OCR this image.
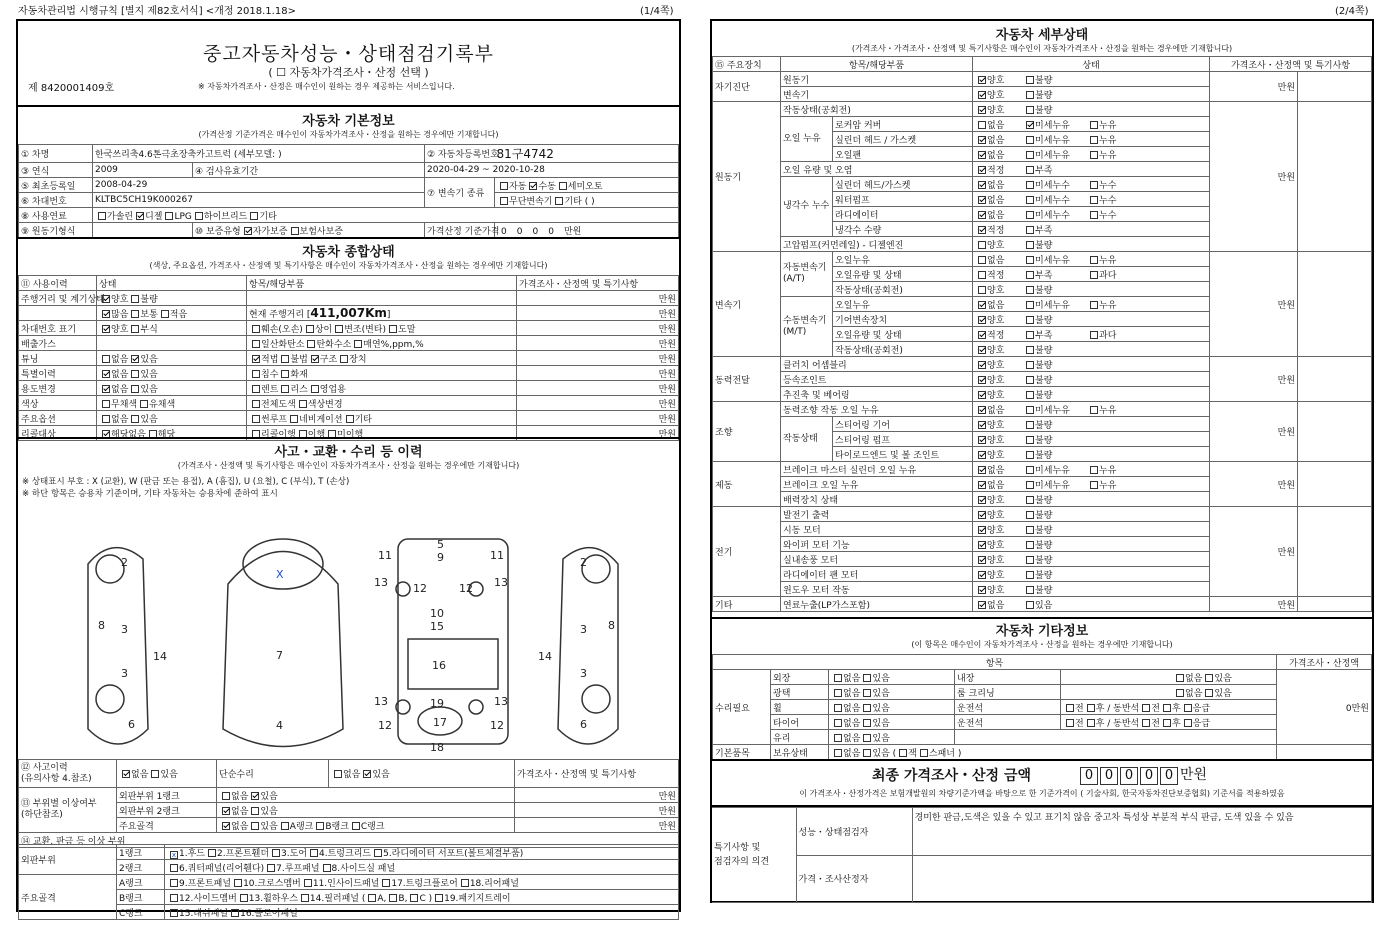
자동차관리법 시행규칙 [별지 제82호서식] <개정 2018.1.18>	(1/4쪽)	(2/4쪽)
중고자동차성능・상태점검기록부
( ☐ 자동차가격조사・산정 선택 )
제 8420001409호	※ 자동차가격조사・산정은 매수인이 원하는 경우 제공하는 서비스입니다.
자동차 기본정보
(가격산정 기준가격은 매수인이 자동차가격조사・산정을 원하는 경우에만 기재합니다)
① 차명	한국쓰리축4.6톤극초장축카고트럭 (세부모델: )		② 자동차등록번호	81구4742
③ 연식	2009	④ 검사유효기간	2020-04-29 ~ 2020-10-28	
⑤ 최초등록일	2008-04-29		⑦ 변속기 종류	자동 수동 세미오토
⑥ 차대번호	KLTBC5CH19K000267			무단변속기 기타 ( )
⑧ 사용연료	가솔린 디젤 LPG 하이브리드 기타			
⑨ 원동기형식		⑩ 보증유형 자가보증 보험사보증	가격산정 기준가격	0000만원
자동차 종합상태
(색상, 주요옵션, 가격조사・산정액 및 특기사항은 매수인이 자동차가격조사・산정을 원하는 경우에만 기재합니다)
⑪ 사용이력	상태	항목/해당부품	가격조사・산정액 및 특기사항
주행거리 및 계기상태	양호 불량		만원
	많음 보통 적음	현재 주행거리 [411,007Km]	만원
차대번호 표기	양호 부식	훼손(오손) 상이 변조(변타) 도말	만원
배출가스		일산화탄소 탄화수소 매연%,ppm,%	만원
튜닝	없음 있음	적법 불법 구조 장치	만원
특별이력	없음 있음	침수 화재	만원
용도변경	없음 있음	렌트 리스 영업용	만원
색상	무채색 유채색	전체도색 색상변경	만원
주요옵션	없음 있음	썬루프 네비게이션 기타	만원
리콜대상	해당없음 해당	리콜이행 이행 미이행	만원
사고・교환・수리 등 이력
(가격조사・산정액 및 특기사항은 매수인이 자동차가격조사・산정을 원하는 경우에만 기재합니다)
※ 상태표시 부호 : X (교환), W (판금 또는 용접), A (흠집), U (요철), C (부식), T (손상)
※ 하단 항목은 승용차 기준이며, 기타 자동차는 승용차에 준하여 표시
2
3
3
8
14
6
X
7
4
5
9
11	11
13	13
12	12
10
15
16
13	13
19
12	12
17
18
2
3
3
8
14
6
⑫ 사고이력
(유의사항 4.참조)	없음 있음	단순수리	없음 있음	가격조사・산정액 및 특기사항
⑬ 부위별 이상여부
(하단참조)	외판부위 1랭크	없음 있음		만원
	외판부위 2랭크	없음 있음		만원
	주요골격	없음 있음 A랭크 B랭크 C랭크		만원
⑭ 교환, 판금 등 이상 부위				
외판부위	1랭크	x 1.후드 2.프론트휀더 3.도어 4.트렁크리드 5.라디에이터 서포트(볼트체결부품)
	2랭크	6.쿼터패널(리어휀다) 7.루프패널 8.사이드실 패널
주요골격	A랭크	9.프론트패널 10.크로스멤버 11.인사이드패널 17.트렁크플로어 18.리어패널
	B랭크	12.사이드멤버 13.휠하우스 14.필러패널 ( A, B, C ) 19.패키지트레이
	C랭크	15.대쉬패널 16.플로어패널
자동차 세부상태
(가격조사・가격조사・산정액 및 특기사항은 매수인이 자동차가격조사・산정을 원하는 경우에만 기재합니다)
⑮ 주요장치	항목/해당부품		상태	가격조사・산정액 및 특기사항	
자기진단	원동기		양호 불량	만원	
	변속기		양호 불량		
원동기	작동상태(공회전)		양호 불량	만원	
	오일 누유	로커암 커버	없음 미세누유 누유		
		실린더 헤드 / 가스켓	없음 미세누유 누유		
		오일팬	없음 미세누유 누유		
	오일 유량 및 오염		적정 부족		
	냉각수 누수	실린더 헤드/가스켓	없음 미세누수 누수		
		워터펌프	없음 미세누수 누수		
		라디에이터	없음 미세누수 누수		
		냉각수 수량	적정 부족		
	고압펌프(커먼레일) - 디젤엔진		양호 불량		
변속기	자동변속기 (A/T)	오일누유	없음 미세누유 누유	만원	
		오일유량 및 상태	적정 부족 과다		
		작동상태(공회전)	양호 불량		
	수동변속기 (M/T)	오일누유	없음 미세누유 누유		
		기어변속장치	양호 불량		
		오일유량 및 상태	적정 부족 과다		
		작동상태(공회전)	양호 불량		
동력전달	클러치 어셈블리		양호 불량	만원	
	등속조인트		양호 불량		
	추진축 및 베어링		양호 불량		
조향	동력조향 작동 오일 누유		없음 미세누유 누유	만원	
	작동상태	스티어링 기어	양호 불량		
		스티어링 펌프	양호 불량		
		타이로드엔드 및 볼 조인트	양호 불량		
제동	브레이크 마스터 실린더 오일 누유		없음 미세누유 누유	만원	
	브레이크 오일 누유		없음 미세누유 누유		
	배력장치 상태		양호 불량		
전기	발전기 출력		양호 불량	만원	
	시동 모터		양호 불량		
	와이퍼 모터 기능		양호 불량		
	실내송풍 모터		양호 불량		
	라디에이터 팬 모터		양호 불량		
	윈도우 모터 작동		양호 불량		
기타	연료누출(LP가스포함)		없음 있음	만원	
자동차 기타정보
(이 항목은 매수인이 자동차가격조사・산정을 원하는 경우에만 기재합니다)
항목					가격조사・산정액
수리필요	외장	없음 있음	내장	없음 있음	0만원
	광택	없음 있음	룸 크리닝	없음 있음	
	휠	없음 있음	운전석	전 후 / 동반석 전 후 응급	
	타이어	없음 있음	운전석	전 후 / 동반석 전 후 응급	
	유리	없음 있음			
기본품목	보유상태	없음 있음 ( 잭 스패너 )			
최종 가격조사・산정 금액	0 0 0 0 0 만원
이 가격조사・산정가격은 보험개발원의 차량기준가액을 바탕으로 한 기준가격이 ( 기술사회, 한국자동차진단보증협회) 기준서를 적용하였음
특기사항 및
점검자의 의견	성능・상태점검자	경미한 판금,도색은 있을 수 있고 표기치 않음 중고차 특성상 부분적 부식 판금, 도색 있을 수 있음
	가격・조사산정자	
